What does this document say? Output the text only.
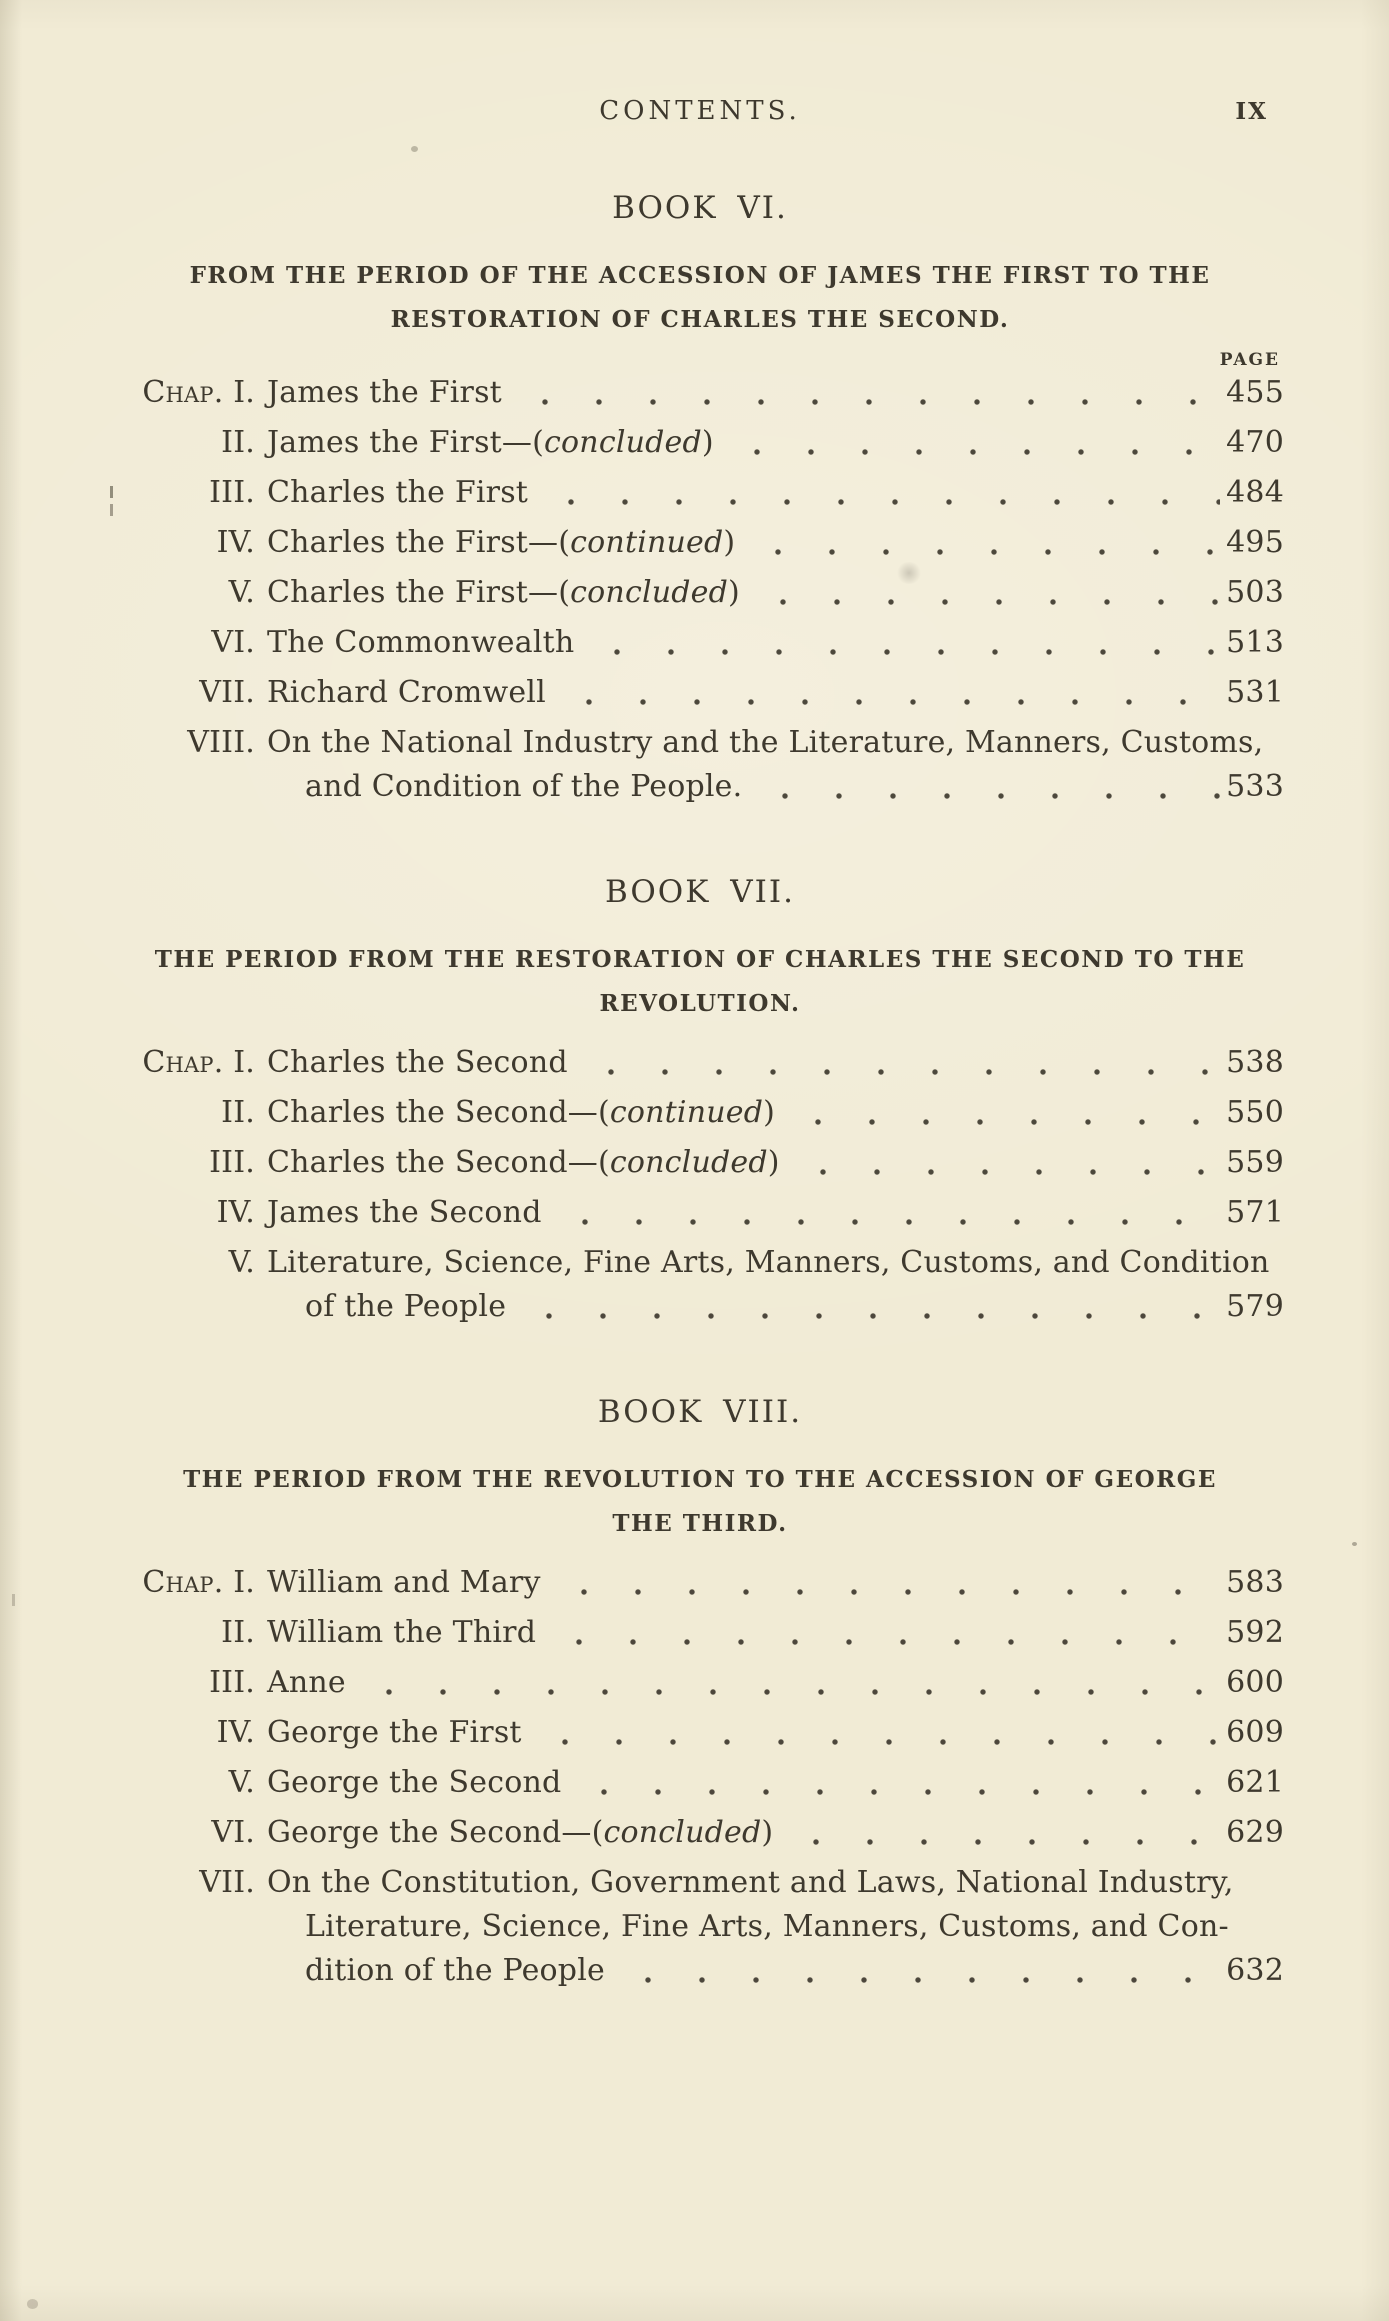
CONTENTS.	IX
BOOK VI.
FROM THE PERIOD OF THE ACCESSION OF JAMES THE FIRST TO THE
RESTORATION OF CHARLES THE SECOND.
PAGE
Chap. I. James the First	455
II. James the First—(concluded)	470
III. Charles the First	484
IV. Charles the First—(continued)	495
V. Charles the First—(concluded)	503
VI. The Commonwealth	513
VII. Richard Cromwell	531
VIII. On the National Industry and the Literature, Manners, Customs,
and Condition of the People.	533
BOOK VII.
THE PERIOD FROM THE RESTORATION OF CHARLES THE SECOND TO THE
REVOLUTION.
Chap. I. Charles the Second	538
II. Charles the Second—(continued)	550
III. Charles the Second—(concluded)	559
IV. James the Second	571
V. Literature, Science, Fine Arts, Manners, Customs, and Condition
of the People	579
BOOK VIII.
THE PERIOD FROM THE REVOLUTION TO THE ACCESSION OF GEORGE
THE THIRD.
Chap. I. William and Mary	583
II. William the Third	592
III. Anne	600
IV. George the First	609
V. George the Second	621
VI. George the Second—(concluded)	629
VII. On the Constitution, Government and Laws, National Industry,
Literature, Science, Fine Arts, Manners, Customs, and Con-
dition of the People	632
